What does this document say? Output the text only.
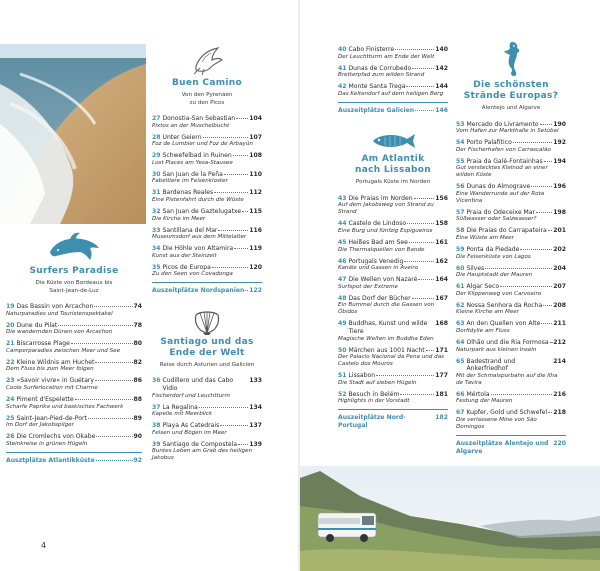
Surfers Paradise
Die Küste von Bordeaux bis
Saint-Jean-de-Luz
19 Das Bassin von Arcachon	74
Naturparadies und Touristenspektakel
20 Dune du Pilat	78
Die wandernden Dünen von Arcachon
21 Biscarrosse Plage	80
Camperparadies zwischen Meer und See
22 Kleine Wildnis am Huchet	82
Dem Fluss bis zum Meer folgen
23 »Savoir vivre« in Guétary	86
Coole Surferlocation mit Charme
24 Piment d'Espelette	88
Scharfe Paprika und baskisches Fachwerk
25 Saint-Jean-Pied-de-Port	89
Im Dorf der Jakobspilger
26 Die Cromlechs von Okabe	90
Steinkreise in grünen Hügeln
Ausztplätze Atlantikküste	92
Buen Camino
Von den Pyrenäen
zu den Picos
27 Donostia-San Sebastian 104
Pixtos an der Muschelbucht
28 Unter Geiern	107
Foz de Lumbier und Foz de Arbayún
29 Schwefelbad in Ruinen	108
Lost Places am Yesa-Stausee
30 San Juan de la Peña	110
Fabeltiere im Felsenkloster
31 Bardenas Reales	112
Eine Pistenfahrt durch die Wüste
32 San Juan de Gaztelugatxe 115
Die Kirche im Meer
33 Santillana del Mar	116
Museumsdorf aus dem Mittelalter
34 Die Höhle von Altamira	119
Kunst aus der Steinzeit
35 Picos de Europa	120
Zu den Seen von Covadonga
Auszeitplätze Nordspanien 122
Santiago und das Ende der Welt
Reise durch Asturien und Galicien
36 Cudillero und das Cabo Vidio
133
Fischerdorf und Leuchtturm
37 La Regalina	134
Kapelle mit Meerblick
38 Playa As Catedrais	137
Felsen und Bögen im Meer
39 Santiago de Compostela 139
Buntes Leben am Grab des heiligen Jakobus
4
40 Cabo Finisterre	140
Der Leuchtturm am Ende der Welt
41 Dunas de Corrubedo	142
Bretterpfad zum wilden Strand
42 Monte Santa Trega	144
Das Keltendorf auf dem heiligen Berg
Auszeitplätze Galicien	146
Am Atlantik
nach Lissabon
Portugals Küste im Norden
43 Die Praias im Norden	156
Auf dem Jakobsweg von Strand zu Strand
44 Castelo de Lindoso	158
Eine Burg und fünfzig Espigueiros
45 Heißes Bad am See	161
Die Thermalquellen von Bande
46 Portugals Venedig	162
Kanäle und Gassen in Aveiro
47 Die Wellen von Nazaré	164
Surfspot der Extreme
48 Das Dorf der Bücher	167
Ein Bummel durch die Gassen von Óbidos
49 Buddhas, Kunst und wilde Tiere
168
Magische Welten im Buddha Eden
50 Märchen aus 1001 Nacht 171
Der Palacio Nacional da Pena und das Castelo dos Mouros
51 Lissabon	177
Die Stadt auf sieben Hügeln
52 Besuch in Belém	181
Highlights in der Vorstadt
Auszeitplätze Nord-Portugal
182
Die schönsten
Strände Europas?
Alentejo und Algarve
53 Mercado do Livramento 190
Vom Hafen zur Markthalle in Setúbal
54 Porto Palafítico	192
Der Fischerhafen von Carrascalão
55 Praia da Galé-Fontainhas 194
Gut verstecktes Kleinod an einer wilden Küste
56 Dunas do Almograve	196
Eine Wanderrunde auf der Rota Vicentina
57 Praia do Odeceixe Mar	198
Süßwasser oder Salzwasser?
58 Die Praias do Carrapateira 201
Eine Wüste am Meer
59 Ponta da Piedade	202
Die Felsenküste von Lagos
60 Silves	204
Die Hauptstadt der Mauren
61 Algar Seco	207
Der Klippenweg von Carvoeiro
62 Nossa Senhora da Rocha 208
Kleine Kirche am Meer
63 An den Quellen von Alte 211
Dorfidylle am Fluss
64 Olhão und die Ria Formosa 212
Naturpark aus kleinen Inseln
65 Badestrand und Ankerfriedhof
214
Mit der Schmalspurbahn auf die Ilha de Tavira
66 Mértola	216
Festung der Mauren
67 Kupfer, Gold und Schwefel 218
Die verlassene Mine von São Domingos
Auszeitplätze Alentejo und Algarve
220
